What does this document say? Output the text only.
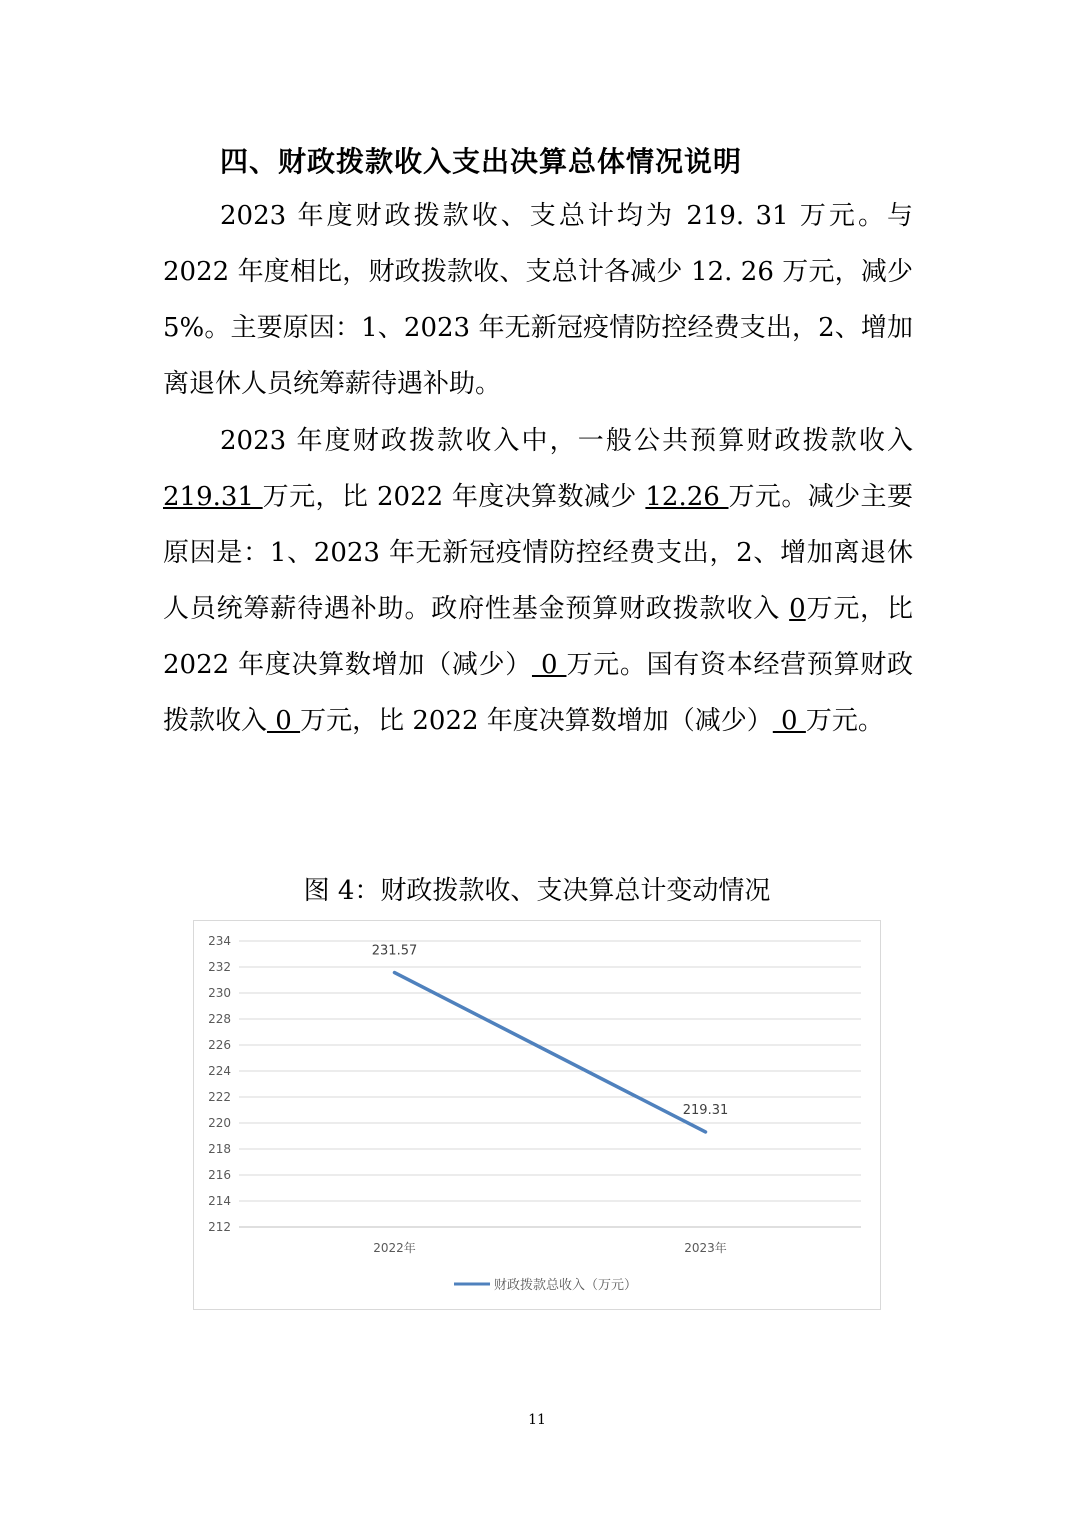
四、财政拨款收入支出决算总体情况说明

2023 年度财政拨款收、支总计均为 219. 31 万元。与 2022 年度相比，财政拨款收、支总计各减少 12. 26 万元，减少 5%。主要原因：1、2023 年无新冠疫情防控经费支出，2、增加离退休人员统筹薪待遇补助。

2023 年度财政拨款收入中，一般公共预算财政拨款收入219.31 万元，比 2022 年度决算数减少 12.26 万元。减少主要原因是：1、2023 年无新冠疫情防控经费支出，2、增加离退休人员统筹薪待遇补助。政府性基金预算财政拨款收入 0万元，比 2022 年度决算数增加（减少） 0 万元。国有资本经营预算财政拨款收入 0 万元，比 2022 年度决算数增加（减少） 0 万元。

图 4：财政拨款收、支决算总计变动情况

212
214
216
218
220
222
224
226
228
230
232
234
2022年	2023年
231.57
219.31
财政拨款总收入（万元）
11
